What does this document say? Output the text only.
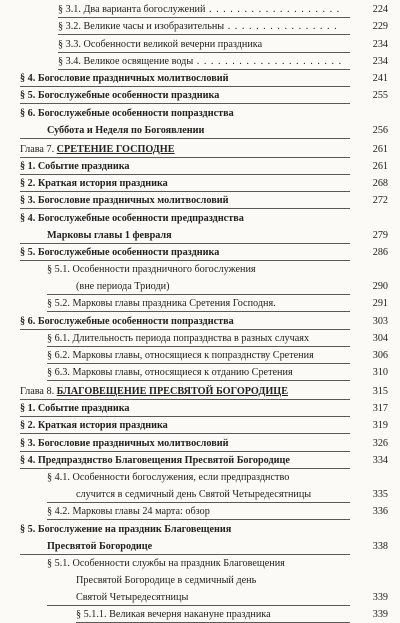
§ 3.1. Два варианта богослужений . . . . . . . . . . . . . . . . . . .	224
§ 3.2. Великие часы и изобразительны . . . . . . . . . . . . . . . .	229
§ 3.3. Особенности великой вечерни праздника	234
§ 3.4. Великое освящение воды . . . . . . . . . . . . . . . . . . . . .	234
§ 4. Богословие праздничных молитвословий	241
§ 5. Богослужебные особенности праздника	255
§ 6. Богослужебные особенности попразднства
Суббота и Неделя по Богоявлении	256
Глава 7. СРЕТЕНИЕ ГОСПОДНЕ	261
§ 1. Событие праздника	261
§ 2. Краткая история праздника	268
§ 3. Богословие праздничных молитвословий	272
§ 4. Богослужебные особенности предпразднства
Марковы главы 1 февраля	279
§ 5. Богослужебные особенности праздника	286
§ 5.1. Особенности праздничного богослужения
(вне периода Триоди)	290
§ 5.2. Марковы главы праздника Сретения Господня.	291
§ 6. Богослужебные особенности попразднства	303
§ 6.1. Длительность периода попразднства в разных случаях	304
§ 6.2. Марковы главы, относящиеся к попразднству Сретения	306
§ 6.3. Марковы главы, относящиеся к отданию Сретения	310
Глава 8. БЛАГОВЕЩЕНИЕ ПРЕСВЯТОЙ БОГОРОДИЦЕ	315
§ 1. Событие праздника	317
§ 2. Краткая история праздника	319
§ 3. Богословие праздничных молитвословий	326
§ 4. Предпразднство Благовещения Пресвятой Богородице	334
§ 4.1. Особенности богослужения, если предпразднство
случится в седмичный день Святой Четыредесятницы	335
§ 4.2. Марковы главы 24 марта: обзор	336
§ 5. Богослужение на праздник Благовещения
Пресвятой Богородице	338
§ 5.1. Особенности службы на праздник Благовещения
Пресвятой Богородице в седмичный день
Святой Четыредесятницы	339
§ 5.1.1. Великая вечерня накануне праздника	339
